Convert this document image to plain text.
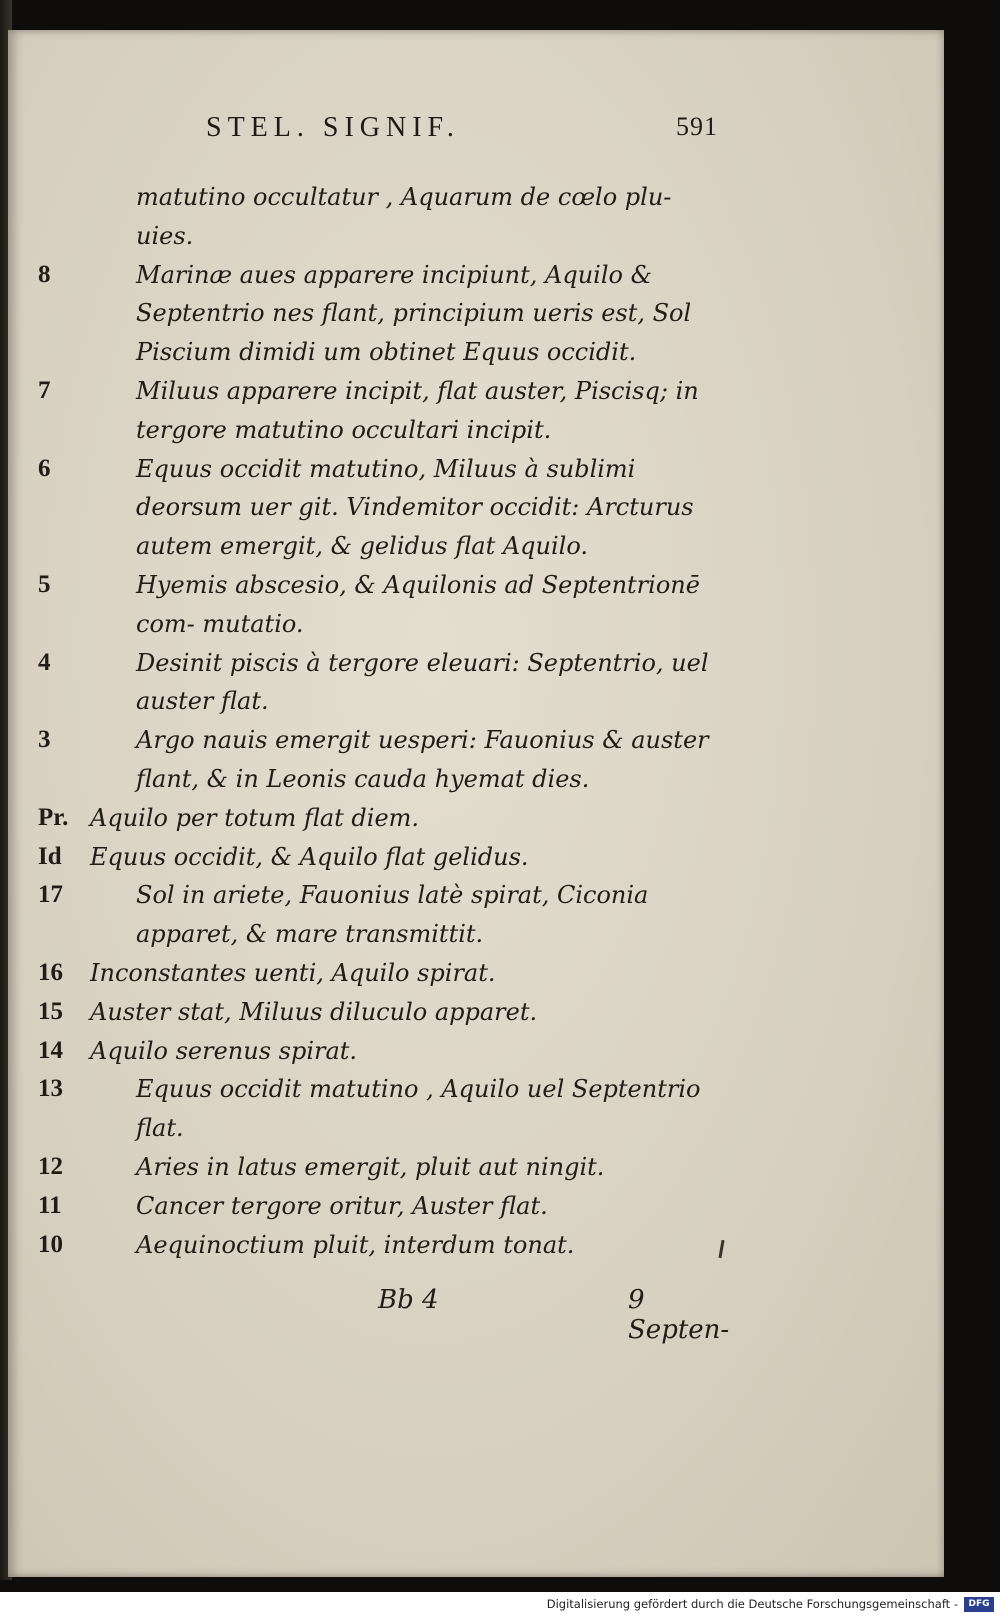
STEL. SIGNIF.	591
matutino occultatur , Aquarum de cœlo plu- uies.
8	Marinæ aues apparere incipiunt, Aquilo & Septentrio nes flant, principium ueris est, Sol Piscium dimidi um obtinet Equus occidit.
7	Miluus apparere incipit, flat auster, Piscisq; in tergore matutino occultari incipit.
6	Equus occidit matutino, Miluus à sublimi deorsum uer git. Vindemitor occidit: Arcturus autem emergit, & gelidus flat Aquilo.
5	Hyemis abscesio, & Aquilonis ad Septentrionē com- mutatio.
4	Desinit piscis à tergore eleuari: Septentrio, uel auster flat.
3	Argo nauis emergit uesperi: Fauonius & auster flant, & in Leonis cauda hyemat dies.
Pr. Aquilo per totum flat diem.
Id	Equus occidit, & Aquilo flat gelidus.
17	Sol in ariete, Fauonius latè spirat, Ciconia apparet, & mare transmittit.
16	Inconstantes uenti, Aquilo spirat.
15	Auster stat, Miluus diluculo apparet.
14	Aquilo serenus spirat.
13	Equus occidit matutino , Aquilo uel Septentrio flat.
12	Aries in latus emergit, pluit aut ningit.
11	Cancer tergore oritur, Auster flat.
10	Aequinoctium pluit, interdum tonat.
Bb 4	9 Septen-
Digitalisierung gefördert durch die Deutsche Forschungsgemeinschaft -	DFG
